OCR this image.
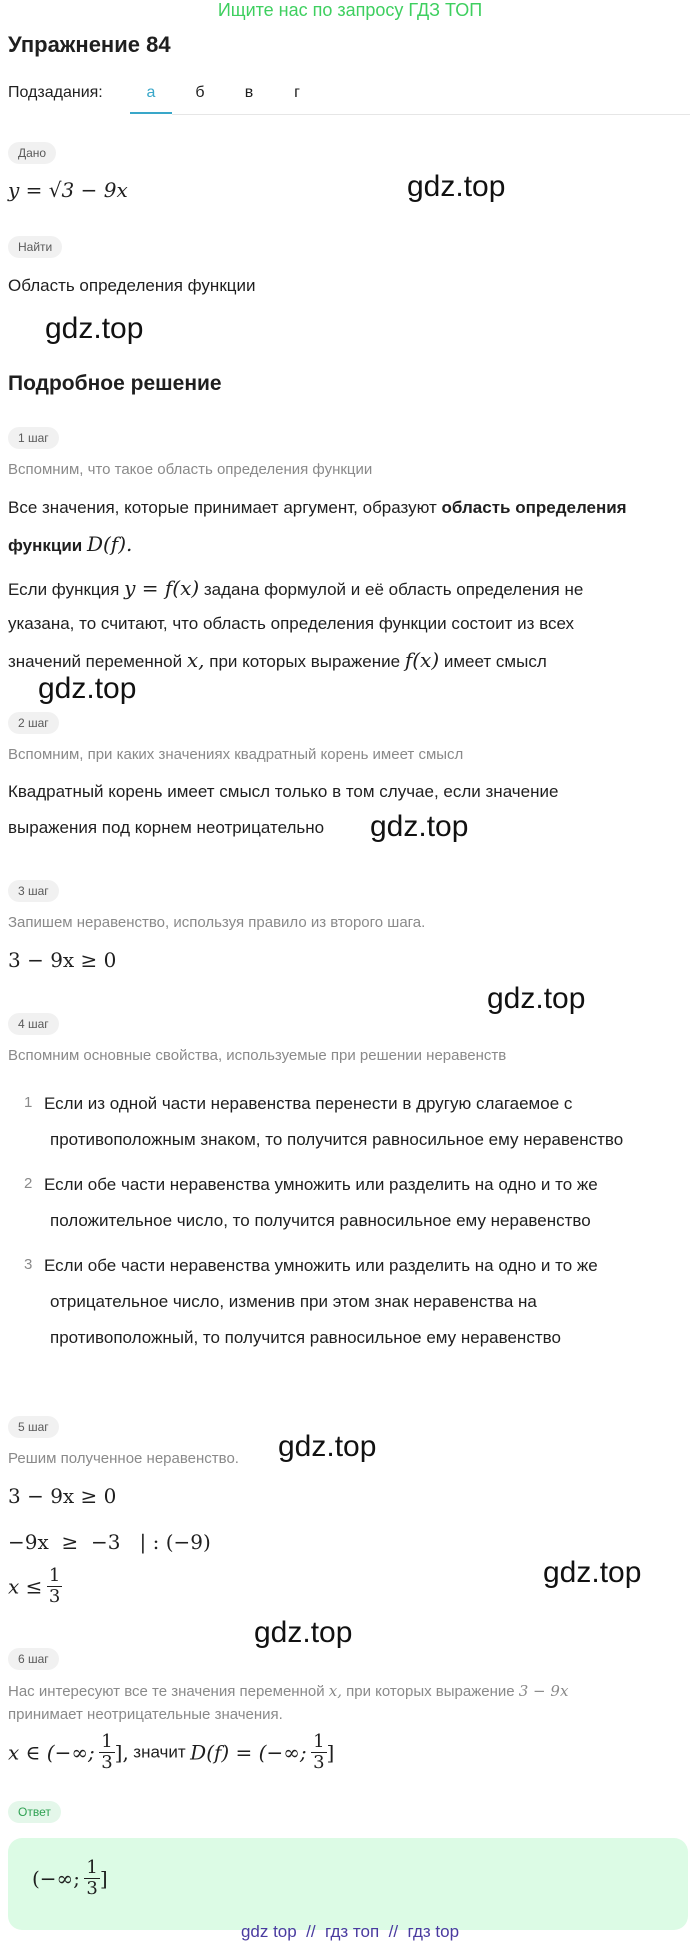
Ищите нас по запросу ГДЗ ТОП
Упражнение 84
Подзадания:	а	б	в	г
Дано
y = √3 − 9x	gdz.top
Найти
Область определения функции
gdz.top
Подробное решение
1 шаг
Вспомним, что такое область определения функции
Все значения, которые принимает аргумент, образуют область определения
функции D(f).
Если функция y = f(x) задана формулой и её область определения не
указана, то считают, что область определения функции состоит из всех
значений переменной x, при которых выражение f(x) имеет смысл
gdz.top
2 шаг
Вспомним, при каких значениях квадратный корень имеет смысл
Квадратный корень имеет смысл только в том случае, если значение
выражения под корнем неотрицательно gdz.top
3 шаг
Запишем неравенство, используя правило из второго шага.
3 − 9x ≥ 0
gdz.top
4 шаг
Вспомним основные свойства, используемые при решении неравенств
1 Если из одной части неравенства перенести в другую слагаемое с
противоположным знаком, то получится равносильное ему неравенство
2 Если обе части неравенства умножить или разделить на одно и то же
положительное число, то получится равносильное ему неравенство
3 Если обе части неравенства умножить или разделить на одно и то же
отрицательное число, изменив при этом знак неравенства на
противоположный, то получится равносильное ему неравенство
5 шаг
Решим полученное неравенство. gdz.top
3 − 9x ≥ 0
−9x  ≥  −3   | : (−9)
$x \le \frac{1}{3}$	gdz.top
gdz.top
6 шаг
Нас интересуют все те значения переменной x, при которых выражение 3 − 9x
принимает неотрицательные значения.
x ∈ (−∞; $\frac{1}{3}$ ], значит D(f) = (−∞; $\frac{1}{3}$ ]
Ответ
(−∞; $\frac{1}{3}$ ]
gdz top  //  гдз топ  //  гдз top
